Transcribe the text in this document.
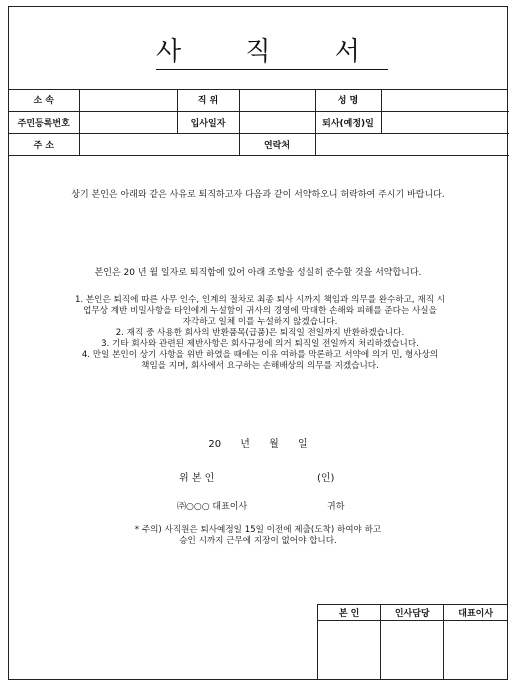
사 직 서
소 속		직 위		성 명	
주민등록번호		입사일자		퇴사(예정)일	
주 소			연락처		
상기 본인은 아래와 같은 사유로 퇴직하고자 다음과 같이 서약하오니 허락하여 주시기 바랍니다.
본인은 20 년 월 일자로 퇴직함에 있어 아래 조항을 성실히 준수할 것을 서약합니다.
1. 본인은 퇴직에 따른 사무 인수, 인계의 절차로 최종 퇴사 시까지 책임과 의무를 완수하고, 재직 시
업무상 계반 비밀사항을 타인에게 누설함이 귀사의 경영에 막대한 손해와 피해를 준다는 사실을
자각하고 일체 이를 누설하지 않겠습니다.
2. 재직 중 사용한 회사의 반환품목(급품)은 퇴직일 전일까지 반환하겠습니다.
3. 기타 회사와 관련된 제반사항은 회사규정에 의거 퇴직일 전일까지 처리하겠습니다.
4. 만일 본인이 상기 사항을 위반 하였을 때에는 이유 여하를 막론하고 서약에 의거 민, 형사상의
책임을 지며, 회사에서 요구하는 손해배상의 의무를 지겠습니다.
20 년 월 일
위 본 인	(인)
㈜○○○ 대표이사	귀하
* 주의) 사직원은 퇴사예정일 15일 이전에 제출(도착) 하여야 하고
승인 시까지 근무에 지장이 없어야 합니다.
본 인	인사담당	대표이사
